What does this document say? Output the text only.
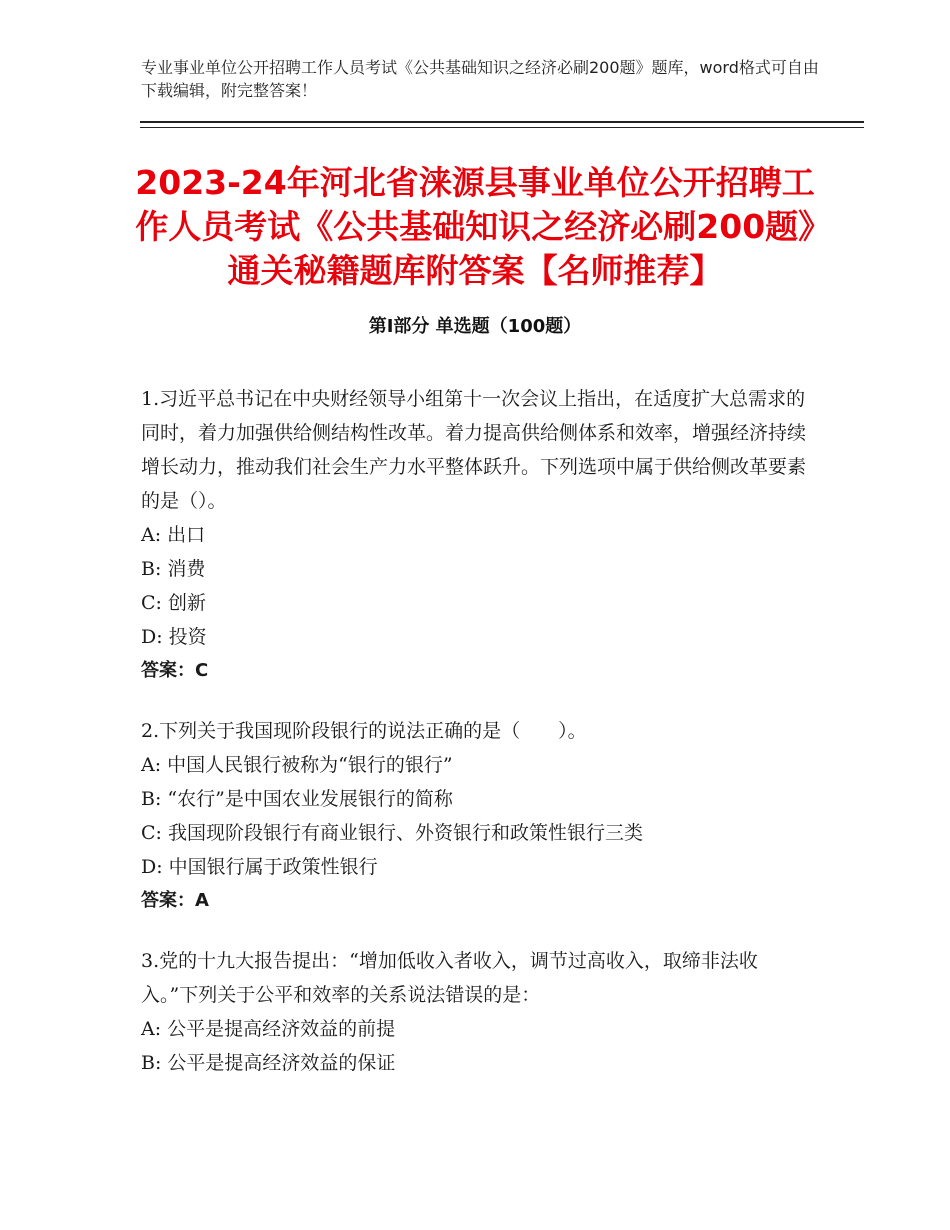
专业事业单位公开招聘工作人员考试《公共基础知识之经济必刷200题》题库，word格式可自由下载编辑，附完整答案！
2023-24年河北省涞源县事业单位公开招聘工作人员考试《公共基础知识之经济必刷200题》通关秘籍题库附答案【名师推荐】
第Ⅰ部分 单选题（100题）
1.习近平总书记在中央财经领导小组第十一次会议上指出，在适度扩大总需求的同时，着力加强供给侧结构性改革。着力提高供给侧体系和效率，增强经济持续增长动力，推动我们社会生产力水平整体跃升。下列选项中属于供给侧改革要素的是（）。
A: 出口
B: 消费
C: 创新
D: 投资
答案：C
2.下列关于我国现阶段银行的说法正确的是（　　）。
A: 中国人民银行被称为“银行的银行”
B: “农行”是中国农业发展银行的简称
C: 我国现阶段银行有商业银行、外资银行和政策性银行三类
D: 中国银行属于政策性银行
答案：A
3.党的十九大报告提出：“增加低收入者收入，调节过高收入，取缔非法收入。”下列关于公平和效率的关系说法错误的是：
A: 公平是提高经济效益的前提
B: 公平是提高经济效益的保证
